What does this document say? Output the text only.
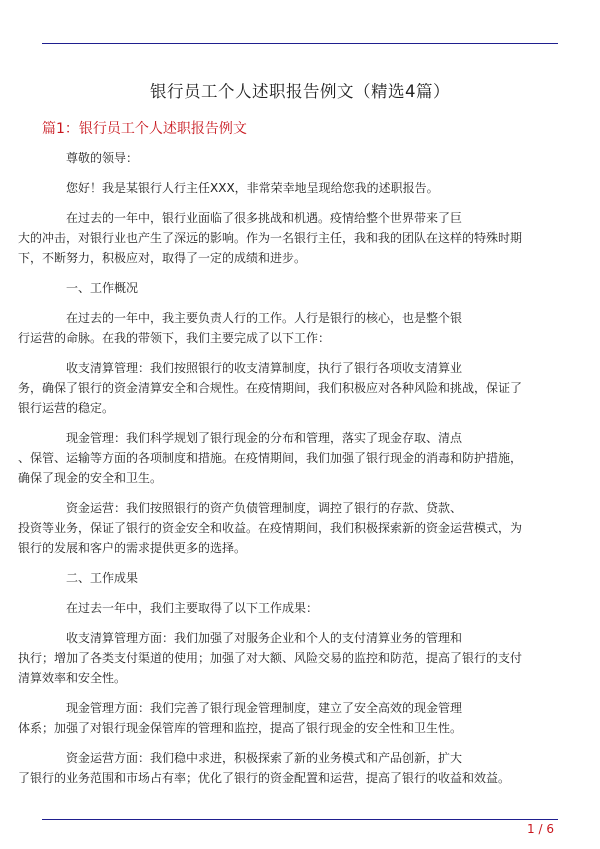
银行员工个人述职报告例文（精选4篇）
篇1：银行员工个人述职报告例文

尊敬的领导：

您好！我是某银行人行主任XXX，非常荣幸地呈现给您我的述职报告。

在过去的一年中，银行业面临了很多挑战和机遇。疫情给整个世界带来了巨
大的冲击，对银行业也产生了深远的影响。作为一名银行主任，我和我的团队在这样的特殊时期
下，不断努力，积极应对，取得了一定的成绩和进步。

一、工作概况

在过去的一年中，我主要负责人行的工作。人行是银行的核心，也是整个银
行运营的命脉。在我的带领下，我们主要完成了以下工作：

收支清算管理：我们按照银行的收支清算制度，执行了银行各项收支清算业
务，确保了银行的资金清算安全和合规性。在疫情期间，我们积极应对各种风险和挑战，保证了
银行运营的稳定。

现金管理：我们科学规划了银行现金的分布和管理，落实了现金存取、清点
、保管、运输等方面的各项制度和措施。在疫情期间，我们加强了银行现金的消毒和防护措施，
确保了现金的安全和卫生。

资金运营：我们按照银行的资产负债管理制度，调控了银行的存款、贷款、
投资等业务，保证了银行的资金安全和收益。在疫情期间，我们积极探索新的资金运营模式，为
银行的发展和客户的需求提供更多的选择。

二、工作成果

在过去一年中，我们主要取得了以下工作成果：

收支清算管理方面：我们加强了对服务企业和个人的支付清算业务的管理和
执行；增加了各类支付渠道的使用；加强了对大额、风险交易的监控和防范，提高了银行的支付
清算效率和安全性。

现金管理方面：我们完善了银行现金管理制度，建立了安全高效的现金管理
体系；加强了对银行现金保管库的管理和监控，提高了银行现金的安全性和卫生性。

资金运营方面：我们稳中求进，积极探索了新的业务模式和产品创新，扩大
了银行的业务范围和市场占有率；优化了银行的资金配置和运营，提高了银行的收益和效益。

1 / 6
